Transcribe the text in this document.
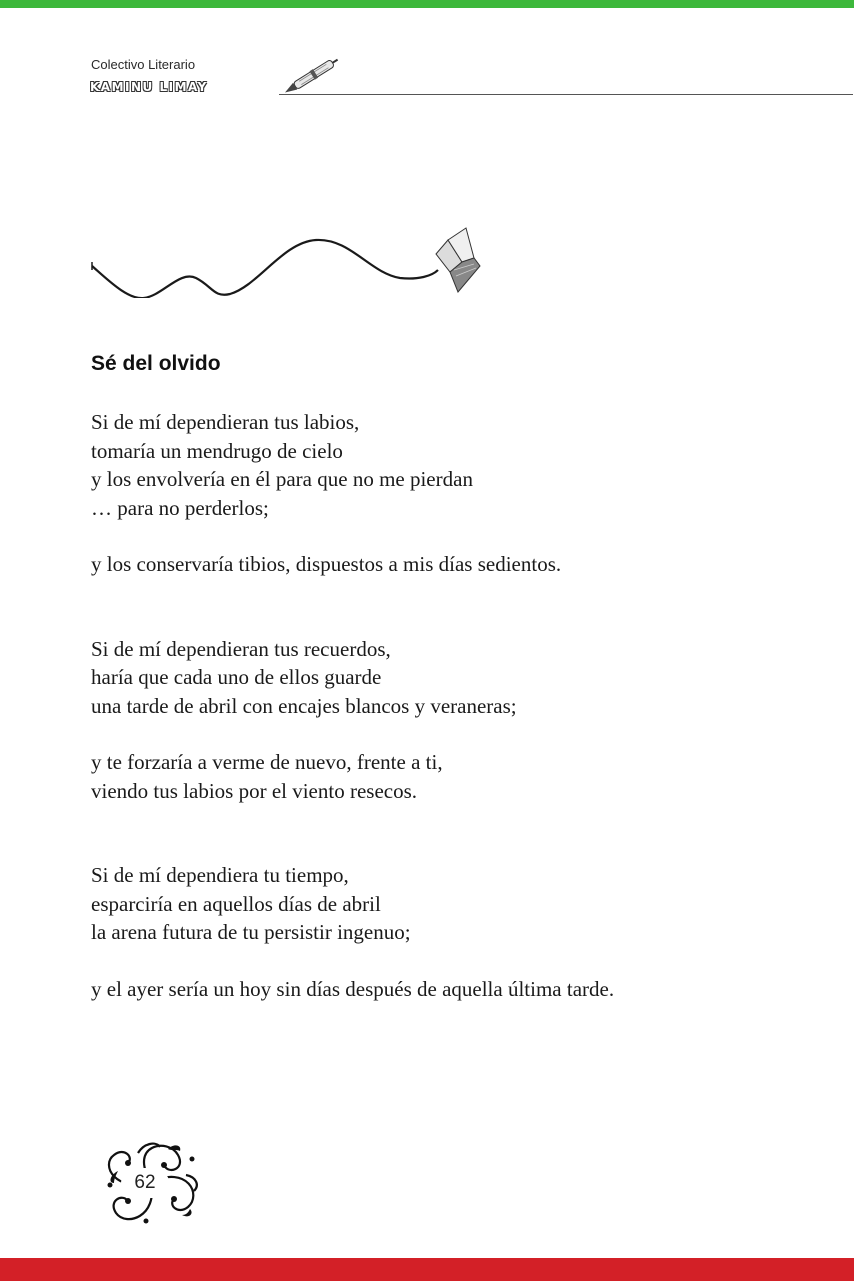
Colectivo Literario
KAMINU LIMAY
Sé del olvido
Si de mí dependieran tus labios,
tomaría un mendrugo de cielo
y los envolvería en él para que no me pierdan
… para no perderlos;
y los conservaría tibios, dispuestos a mis días sedientos.
Si de mí dependieran tus recuerdos,
haría que cada uno de ellos guarde
una tarde de abril con encajes blancos y veraneras;
y te forzaría a verme de nuevo, frente a ti,
viendo tus labios por el viento resecos.
Si de mí dependiera tu tiempo,
esparciría en aquellos días de abril
la arena futura de tu persistir ingenuo;
y el ayer sería un hoy sin días después de aquella última tarde.
62
